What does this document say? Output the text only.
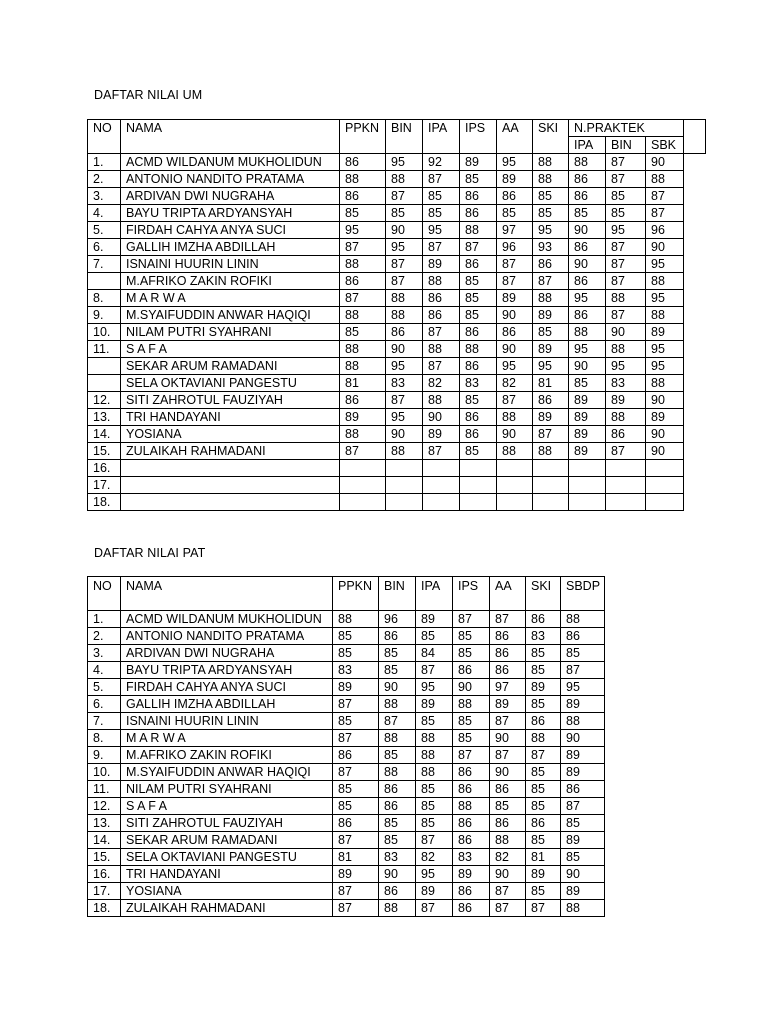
DAFTAR NILAI UM
NO	NAMA	PPKN	BIN	IPA	IPS	AA	SKI	N.PRAKTEK			
								IPA	BIN	SBK	
1.	ACMD WILDANUM MUKHOLIDUN	86	95	92	89	95	88	88	87	90	
2.	ANTONIO NANDITO PRATAMA	88	88	87	85	89	88	86	87	88	
3.	ARDIVAN DWI NUGRAHA	86	87	85	86	86	85	86	85	87	
4.	BAYU TRIPTA ARDYANSYAH	85	85	85	86	85	85	85	85	87	
5.	FIRDAH CAHYA ANYA SUCI	95	90	95	88	97	95	90	95	96	
6.	GALLIH IMZHA ABDILLAH	87	95	87	87	96	93	86	87	90	
7.	ISNAINI HUURIN LININ	88	87	89	86	87	86	90	87	95	
	M.AFRIKO ZAKIN ROFIKI	86	87	88	85	87	87	86	87	88	
8.	M A R W A	87	88	86	85	89	88	95	88	95	
9.	M.SYAIFUDDIN ANWAR HAQIQI	88	88	86	85	90	89	86	87	88	
10.	NILAM PUTRI SYAHRANI	85	86	87	86	86	85	88	90	89	
11.	S A F A	88	90	88	88	90	89	95	88	95	
	SEKAR ARUM RAMADANI	88	95	87	86	95	95	90	95	95	
	SELA OKTAVIANI PANGESTU	81	83	82	83	82	81	85	83	88	
12.	SITI ZAHROTUL FAUZIYAH	86	87	88	85	87	86	89	89	90	
13.	TRI HANDAYANI	89	95	90	86	88	89	89	88	89	
14.	YOSIANA	88	90	89	86	90	87	89	86	90	
15.	ZULAIKAH RAHMADANI	87	88	87	85	88	88	89	87	90	
16.											
17.											
18.											
DAFTAR NILAI PAT
NO	NAMA	PPKN	BIN	IPA	IPS	AA	SKI	SBDP
1.	ACMD WILDANUM MUKHOLIDUN	88	96	89	87	87	86	88
2.	ANTONIO NANDITO PRATAMA	85	86	85	85	86	83	86
3.	ARDIVAN DWI NUGRAHA	85	85	84	85	86	85	85
4.	BAYU TRIPTA ARDYANSYAH	83	85	87	86	86	85	87
5.	FIRDAH CAHYA ANYA SUCI	89	90	95	90	97	89	95
6.	GALLIH IMZHA ABDILLAH	87	88	89	88	89	85	89
7.	ISNAINI HUURIN LININ	85	87	85	85	87	86	88
8.	M A R W A	87	88	88	85	90	88	90
9.	M.AFRIKO ZAKIN ROFIKI	86	85	88	87	87	87	89
10.	M.SYAIFUDDIN ANWAR HAQIQI	87	88	88	86	90	85	89
11.	NILAM PUTRI SYAHRANI	85	86	85	86	86	85	86
12.	S A F A	85	86	85	88	85	85	87
13.	SITI ZAHROTUL FAUZIYAH	86	85	85	86	86	86	85
14.	SEKAR ARUM RAMADANI	87	85	87	86	88	85	89
15.	SELA OKTAVIANI PANGESTU	81	83	82	83	82	81	85
16.	TRI HANDAYANI	89	90	95	89	90	89	90
17.	YOSIANA	87	86	89	86	87	85	89
18.	ZULAIKAH RAHMADANI	87	88	87	86	87	87	88
